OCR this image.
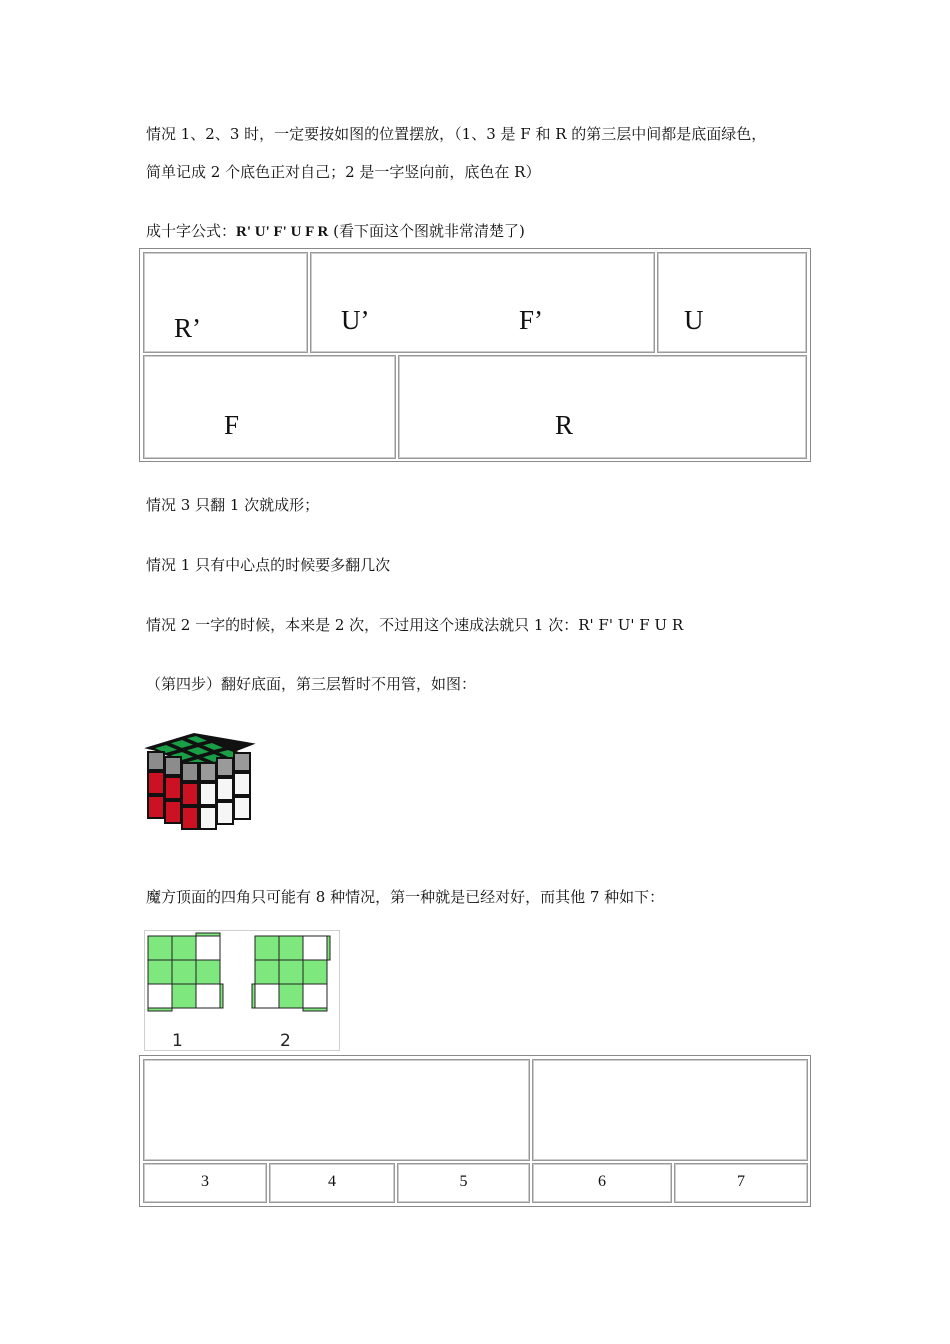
情况 1、2、3 时，一定要按如图的位置摆放，（1、3 是 F 和 R 的第三层中间都是底面绿色，
简单记成 2 个底色正对自己；2 是一字竖向前，底色在 R）
成十字公式：R' U' F' U F R (看下面这个图就非常清楚了)
R’	U’	F’	U
F	R
情况 3 只翻 1 次就成形；
情况 1 只有中心点的时候要多翻几次
情况 2 一字的时候，本来是 2 次，不过用这个速成法就只 1 次：R' F' U' F U R
（第四步）翻好底面，第三层暂时不用管，如图：
魔方顶面的四角只可能有 8 种情况，第一种就是已经对好，而其他 7 种如下：
1	2
3	4	5	6	7
